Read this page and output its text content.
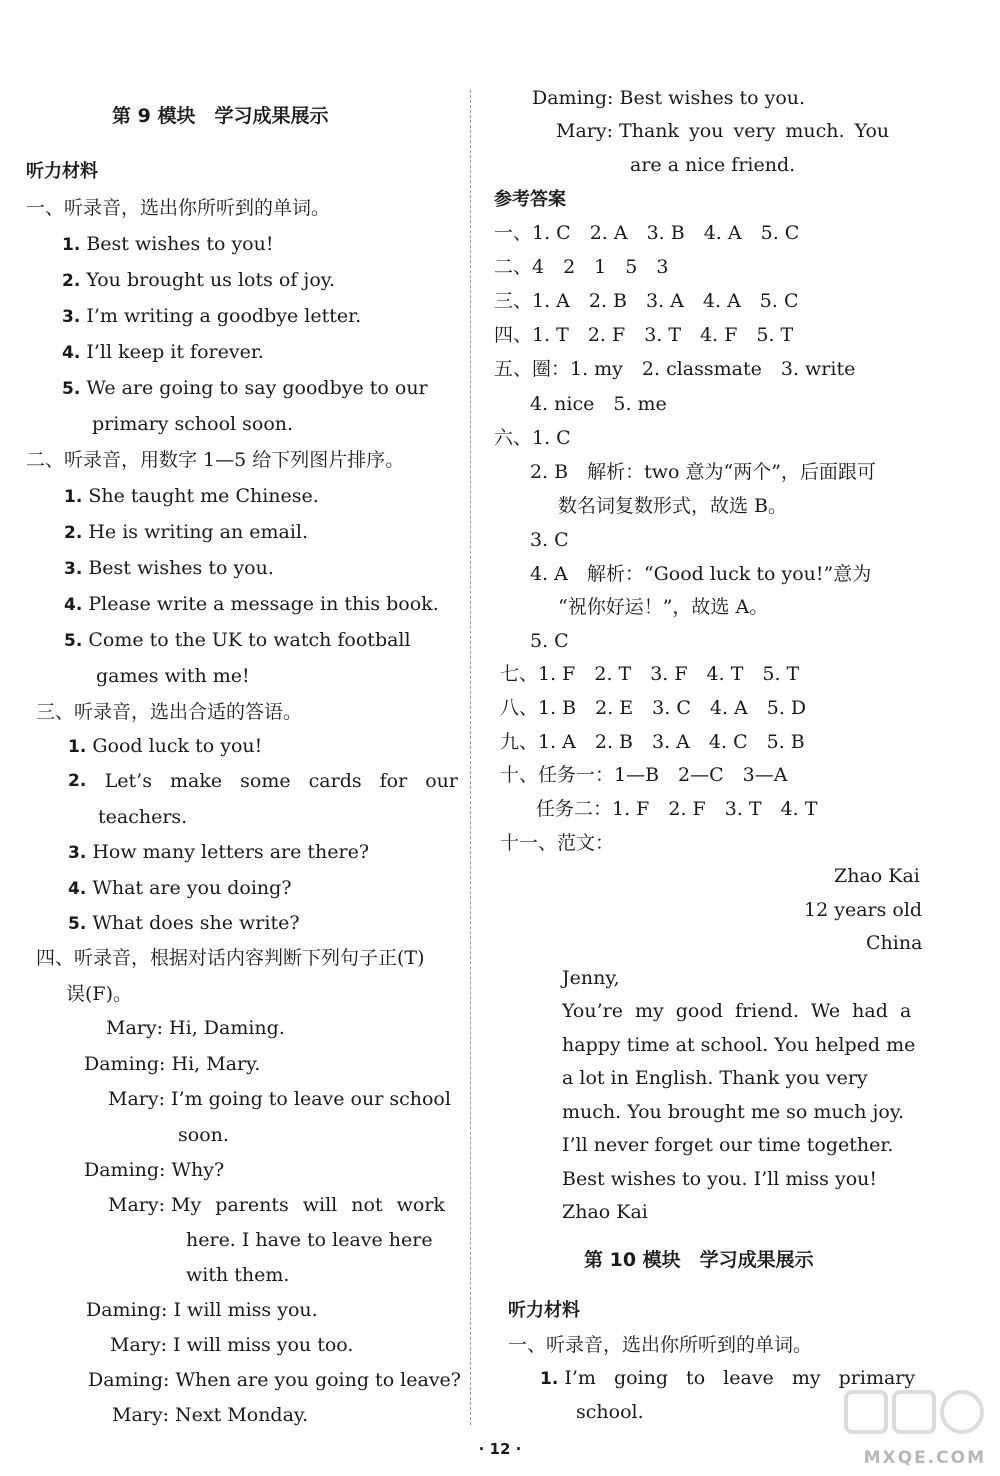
第 9 模块　学习成果展示
听力材料
一、听录音，选出你所听到的单词。
1. Best wishes to you!
2. You brought us lots of joy.
3. I’m writing a goodbye letter.
4. I’ll keep it forever.
5. We are going to say goodbye to our
primary school soon.
二、听录音，用数字 1—5 给下列图片排序。
1. She taught me Chinese.
2. He is writing an email.
3. Best wishes to you.
4. Please write a message in this book.
5. Come to the UK to watch football
games with me!
三、听录音，选出合适的答语。
1. Good luck to you!
2. Let’s make some cards for our
teachers.
3. How many letters are there?
4. What are you doing?
5. What does she write?
四、听录音，根据对话内容判断下列句子正(T)
误(F)。
Mary: Hi, Daming.
Daming: Hi, Mary.
Mary: I’m going to leave our school
soon.
Daming: Why?
Mary: My parents will not work
here. I have to leave here
with them.
Daming: I will miss you.
Mary: I will miss you too.
Daming: When are you going to leave?
Mary: Next Monday.
Daming: Best wishes to you.
Mary: Thank you very much. You
are a nice friend.
参考答案
一、1. C　2. A　3. B　4. A　5. C
二、4　2　1　5　3
三、1. A　2. B　3. A　4. A　5. C
四、1. T　2. F　3. T　4. F　5. T
五、圈：1. my　2. classmate　3. write
4. nice　5. me
六、1. C
2. B　解析：two 意为“两个”，后面跟可
数名词复数形式，故选 B。
3. C
4. A　解析：“Good luck to you!”意为
“祝你好运！”，故选 A。
5. C
七、1. F　2. T　3. F　4. T　5. T
八、1. B　2. E　3. C　4. A　5. D
九、1. A　2. B　3. A　4. C　5. B
十、任务一：1—B　2—C　3—A
任务二：1. F　2. F　3. T　4. T
十一、范文：
Zhao Kai
12 years old
China
Jenny,
You’re my good friend. We had a
happy time at school. You helped me
a lot in English. Thank you very
much. You brought me so much joy.
I’ll never forget our time together.
Best wishes to you. I’ll miss you!
Zhao Kai
第 10 模块　学习成果展示
听力材料
一、听录音，选出你所听到的单词。
1. I’m going to leave my primary
school.
· 12 ·	MXQE.COM
